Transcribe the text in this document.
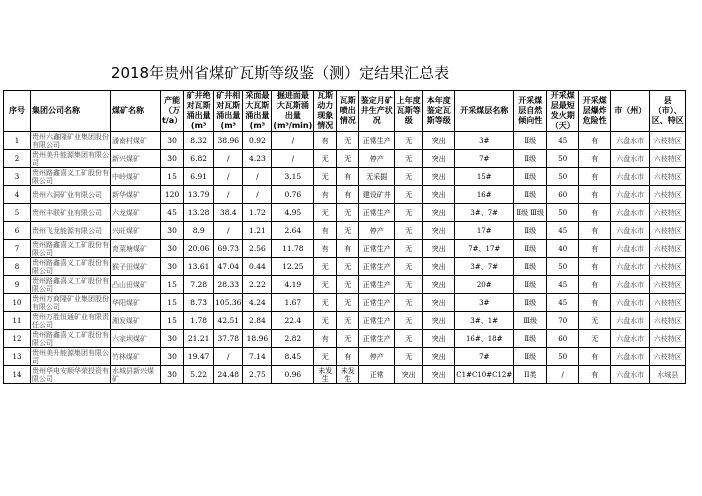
2018年贵州省煤矿瓦斯等级鉴（测）定结果汇总表
序号	集团公司名称	煤矿名称	产能（万t/a）	矿井绝对瓦斯涌出量(m³	矿井相对瓦斯涌出量(m³	采面最大瓦斯涌出量(m³	掘进面最大瓦斯涌出量(m³/min)	瓦斯动力现象情况	瓦斯喷出情况	鉴定月矿井生产状况	上年度瓦斯等级	本年度鉴定瓦斯等级	开采煤层名称	开采煤层自然倾向性	开采煤层最短发火期（天）	开采煤层爆炸危险性	市（州）	县（市）、区、特区
1	贵州六鑫隆矿业集团股份有限公司	潘南村煤矿	30	8.32	38.96	0.92	/	有	无	正常生产	无	突出	3#	Ⅱ级	45	有	六盘水市	六枝特区
2	贵州美升能源集团有限公司	新兴煤矿	30	6.82	/	4.23	/	无	无	停产	无	突出	7#	Ⅱ级	50	有	六盘水市	六枝特区
3	贵州路鑫喜义工矿股份有限公司	中岭煤矿	15	6.91	/	/	3.15	无	有	无采掘	无	突出	15#	Ⅱ级	50	有	六盘水市	六枝特区
4	贵州六洞矿业有限公司	新华煤矿	120	13.79	/	/	0.76	有	有	建设矿井	无	突出	16#	Ⅱ级	60	有	六盘水市	六枝特区
5	贵州丰联矿业有限公司	六龙煤矿	45	13.28	38.4	1.72	4.95	无	无	正常生产	无	突出	3#、7#	Ⅱ级 Ⅲ级	50	有	六盘水市	六枝特区
6	贵州飞龙能源有限公司	兴旺煤矿	30	8.9	/	1.21	2.64	有	无	停产	无	突出	17#	Ⅱ级	45	有	六盘水市	六枝特区
7	贵州路鑫喜义工矿股份有限公司	育菜塘煤矿	30	20.06	69.73	2.56	11.78	有	有	正常生产	无	突出	7#、17#	Ⅱ级	40	有	六盘水市	六枝特区
8	贵州路鑫喜义工矿股份有限公司	猴子田煤矿	30	13.61	47.04	0.44	12.25	无	无	正常生产	无	突出	3#、7#	Ⅱ级	50	有	六盘水市	六枝特区
9	贵州路鑫喜义工矿股份有限公司	凸山田煤矿	15	7.28	28.33	2.22	4.19	无	无	正常生产	无	突出	20#	Ⅱ级	45	有	六盘水市	六枝特区
10	贵州万商隆矿业集团股份有限公司	华阳煤矿	15	8.73	105.36	4.24	1.67	无	无	正常生产	无	突出	3#	Ⅱ级	45	有	六盘水市	六枝特区
11	贵州万胜恒通矿业有限责任公司	湘发煤矿	15	1.78	42.51	2.84	22.4	无	无	正常生产	无	突出	3#、1#	Ⅲ级	70	无	六盘水市	六枝特区
12	贵州路鑫喜义工矿股份有限公司	六家坝煤矿	30	21.21	37.78	18.96	2.82	有	无	正常生产	无	突出	16#、18#	Ⅱ级	60	无	六盘水市	六枝特区
13	贵州美升能源集团有限公司	竹林煤矿	30	19.47	/	7.14	8.45	无	有	停产	无	突出	7#	Ⅱ级	50	有	六盘水市	六枝特区
14	贵州华电安顺华荣投资有限公司	水城县新兴煤矿	30	5.22	24.48	2.75	0.96	未发生	未发生	正常	突出	突出	C1#C10#C12#	II类	/	有	六盘水市	水城县
